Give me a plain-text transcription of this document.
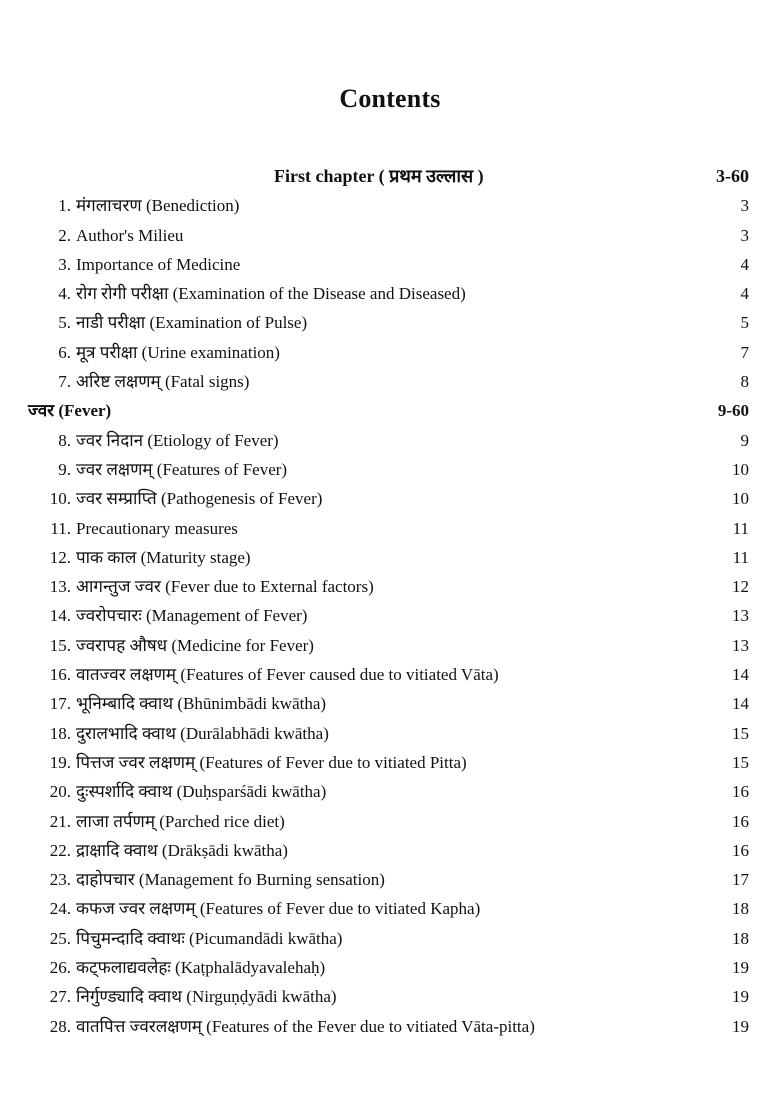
Contents
First chapter ( प्रथम उल्लास )	3-60
1. मंगलाचरण (Benediction)	3
2. Author's Milieu	3
3. Importance of Medicine	4
4. रोग रोगी परीक्षा (Examination of the Disease and Diseased)	4
5. नाडी परीक्षा (Examination of Pulse)	5
6. मूत्र परीक्षा (Urine examination)	7
7. अरिष्ट लक्षणम् (Fatal signs)	8
ज्वर (Fever)	9-60
8. ज्वर निदान (Etiology of Fever)	9
9. ज्वर लक्षणम् (Features of Fever)	10
10. ज्वर सम्प्राप्ति (Pathogenesis of Fever)	10
11. Precautionary measures	11
12. पाक काल (Maturity stage)	11
13. आगन्तुज ज्वर (Fever due to External factors)	12
14. ज्वरोपचारः (Management of Fever)	13
15. ज्वरापह औषध (Medicine for Fever)	13
16. वातज्वर लक्षणम् (Features of Fever caused due to vitiated Vāta)	14
17. भूनिम्बादि क्वाथ (Bhūnimbādi kwātha)	14
18. दुरालभादि क्वाथ (Durālabhādi kwātha)	15
19. पित्तज ज्वर लक्षणम् (Features of Fever due to vitiated Pitta)	15
20. दुःस्पर्शादि क्वाथ (Duḥsparśādi kwātha)	16
21. लाजा तर्पणम् (Parched rice diet)	16
22. द्राक्षादि क्वाथ (Drākṣādi kwātha)	16
23. दाहोपचार (Management fo Burning sensation)	17
24. कफज ज्वर लक्षणम् (Features of Fever due to vitiated Kapha)	18
25. पिचुमन्दादि क्वाथः (Picumandādi kwātha)	18
26. कट्फलाद्यवलेहः (Kaṭphalādyavalehaḥ)	19
27. निर्गुण्ड्यादि क्वाथ (Nirguṇḍyādi kwātha)	19
28. वातपित्त ज्वरलक्षणम् (Features of the Fever due to vitiated Vāta-pitta)	19
